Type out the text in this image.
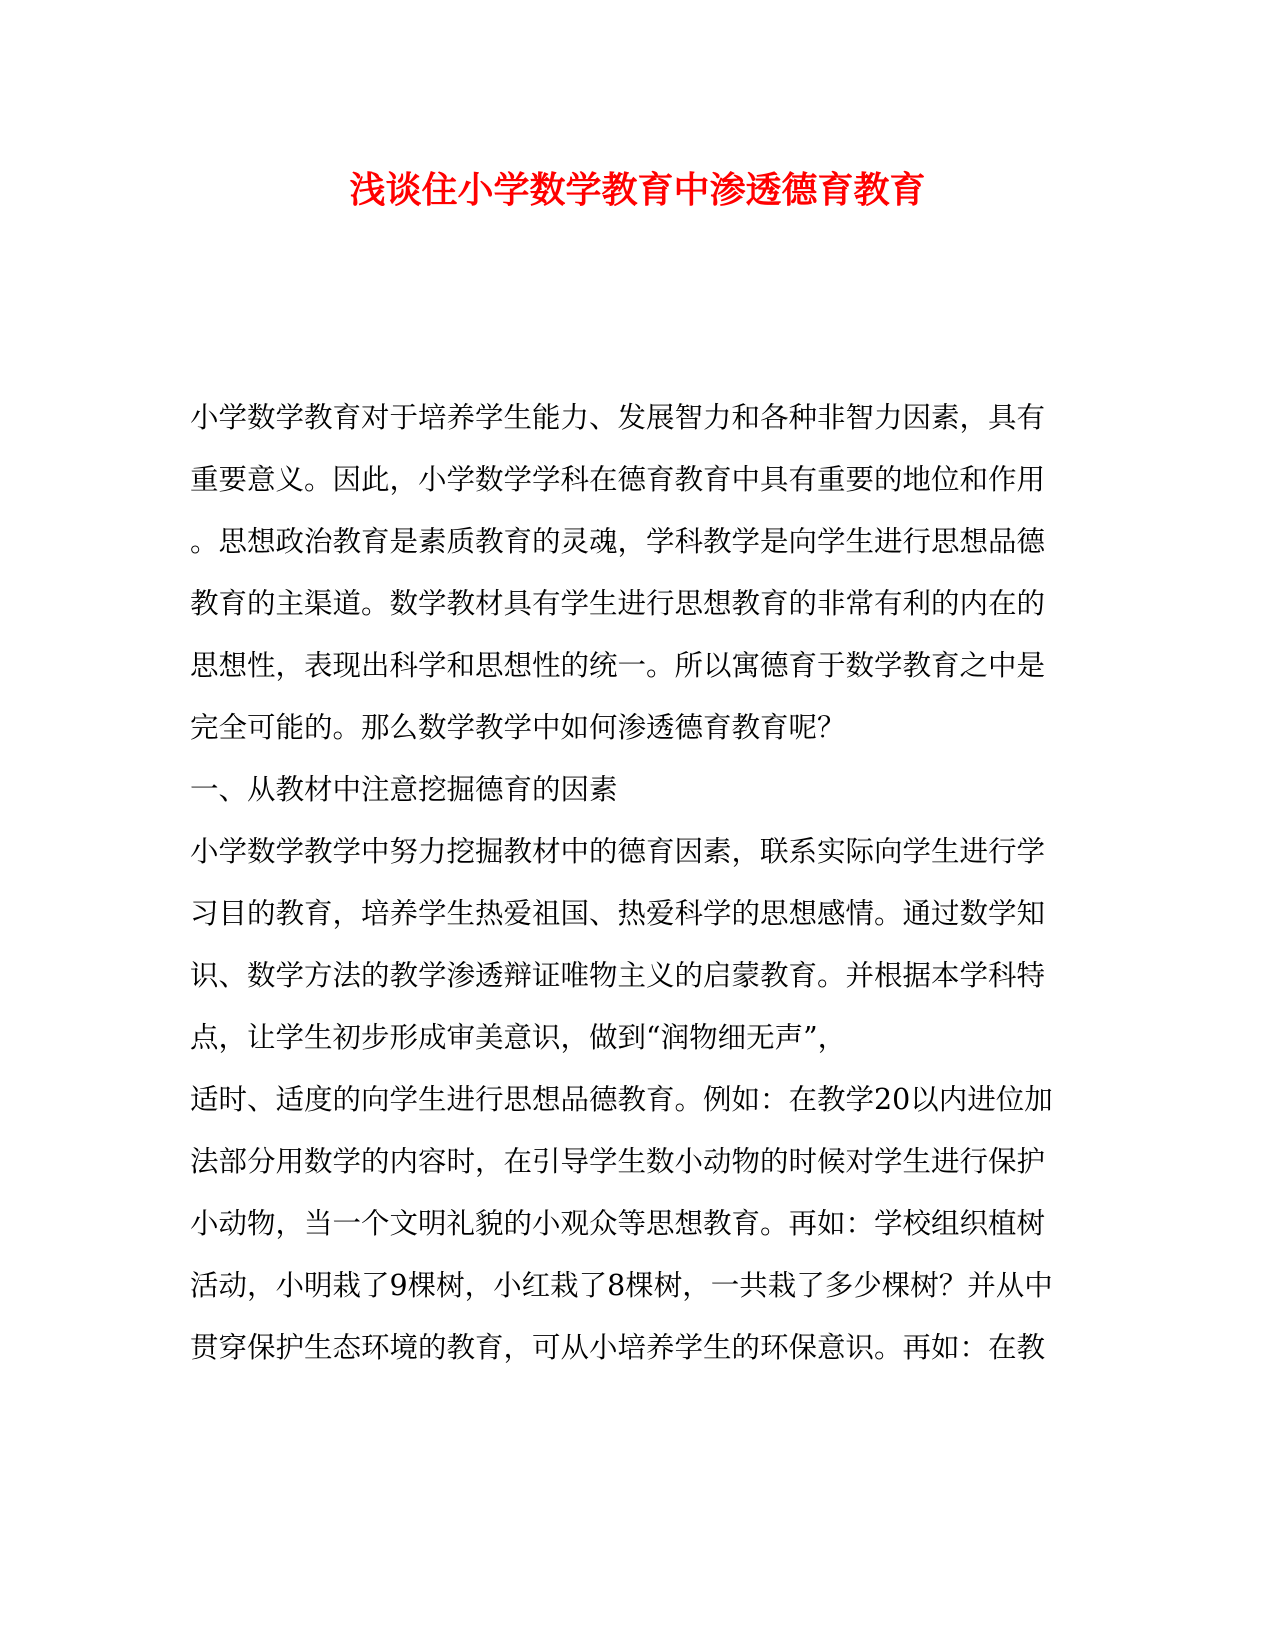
浅谈住小学数学教育中渗透德育教育
小学数学教育对于培养学生能力、发展智力和各种非智力因素，具有
重要意义。因此，小学数学学科在德育教育中具有重要的地位和作用
。思想政治教育是素质教育的灵魂，学科教学是向学生进行思想品德
教育的主渠道。数学教材具有学生进行思想教育的非常有利的内在的
思想性，表现出科学和思想性的统一。所以寓德育于数学教育之中是
完全可能的。那么数学教学中如何渗透德育教育呢？
一、从教材中注意挖掘德育的因素
小学数学教学中努力挖掘教材中的德育因素，联系实际向学生进行学
习目的教育，培养学生热爱祖国、热爱科学的思想感情。通过数学知
识、数学方法的教学渗透辩证唯物主义的启蒙教育。并根据本学科特
点，让学生初步形成审美意识，做到“润物细无声”，
适时、适度的向学生进行思想品德教育。例如：在教学20以内进位加
法部分用数学的内容时，在引导学生数小动物的时候对学生进行保护
小动物，当一个文明礼貌的小观众等思想教育。再如：学校组织植树
活动，小明栽了9棵树，小红栽了8棵树，一共栽了多少棵树？并从中
贯穿保护生态环境的教育，可从小培养学生的环保意识。再如：在教
